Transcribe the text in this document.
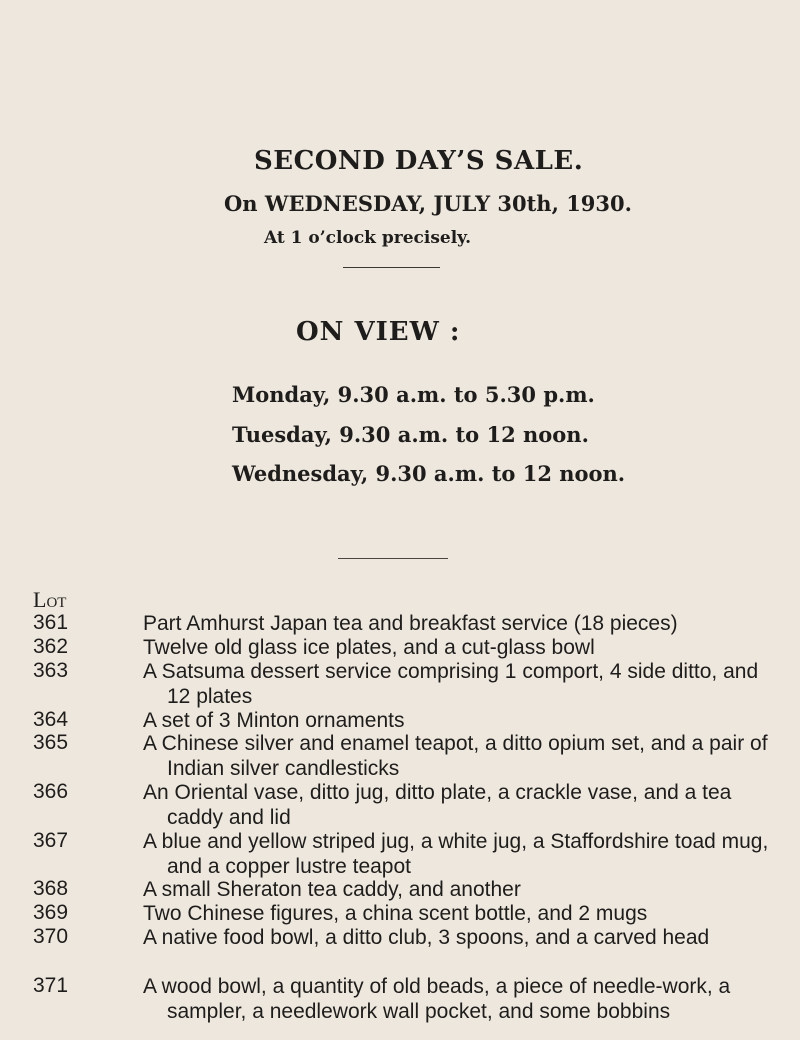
SECOND DAY’S SALE.
On WEDNESDAY, JULY 30th, 1930.
At 1 o’clock precisely.
ON VIEW :
Monday, 9.30 a.m. to 5.30 p.m.
Tuesday, 9.30 a.m. to 12 noon.
Wednesday, 9.30 a.m. to 12 noon.
Lot
361	Part Amhurst Japan tea and breakfast service (18 pieces)
362	Twelve old glass ice plates, and a cut-glass bowl
363	A Satsuma dessert service comprising 1 comport, 4 side ditto, and 12 plates
364	A set of 3 Minton ornaments
365	A Chinese silver and enamel teapot, a ditto opium set, and a pair of Indian silver candlesticks
366	An Oriental vase, ditto jug, ditto plate, a crackle vase, and a tea caddy and lid
367	A blue and yellow striped jug, a white jug, a Staffordshire toad mug, and a copper lustre teapot
368	A small Sheraton tea caddy, and another
369	Two Chinese figures, a china scent bottle, and 2 mugs
370	A native food bowl, a ditto club, 3 spoons, and a carved head
371	A wood bowl, a quantity of old beads, a piece of needle-work, a sampler, a needlework wall pocket, and some bobbins
